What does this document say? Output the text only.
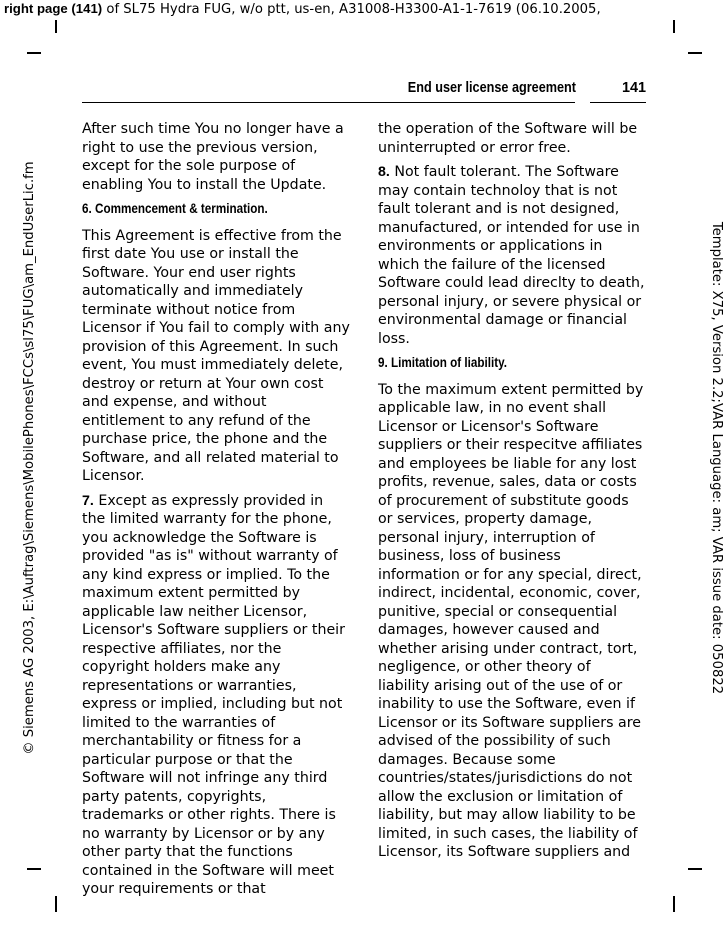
right page (141) of SL75 Hydra FUG, w/o ptt, us-en, A31008-H3300-A1-1-7619 (06.10.2005,
© Siemens AG 2003, E:\Auftrag\Siemens\MobilePhones\FCCs\sl75\FUG\am_EndUserLic.fm	Template: X75, Version 2.2;VAR Language: am; VAR issue date: 050822
End user license agreement	141

After such time You no longer have a right to use the previous version, except for the sole purpose of enabling You to install the Update.

6. Commencement & termination.

This Agreement is effective from the first date You use or install the Software. Your end user rights automatically and immediately terminate without notice from Licensor if You fail to comply with any provision of this Agreement. In such event, You must immediately delete, destroy or return at Your own cost and expense, and without entitlement to any refund of the purchase price, the phone and the Software, and all related material to Licensor.

7. Except as expressly provided in the limited warranty for the phone, you acknowledge the Software is provided "as is" without warranty of any kind express or implied. To the maximum extent permitted by applicable law neither Licensor, Licensor's Software suppliers or their respective affiliates, nor the copyright holders make any representations or warranties, express or implied, including but not limited to the warranties of merchantability or fitness for a particular purpose or that the Software will not infringe any third party patents, copyrights, trademarks or other rights. There is no warranty by Licensor or by any other party that the functions contained in the Software will meet your requirements or that

the operation of the Software will be uninterrupted or error free.

8. Not fault tolerant. The Software may contain technoloy that is not fault tolerant and is not designed, manufactured, or intended for use in environments or applications in which the failure of the licensed Software could lead direclty to death, personal injury, or severe physical or environmental damage or financial loss.

9. Limitation of liability.

To the maximum extent permitted by applicable law, in no event shall Licensor or Licensor's Software suppliers or their respecitve affiliates and employees be liable for any lost profits, revenue, sales, data or costs of procurement of substitute goods or services, property damage, personal injury, interruption of business, loss of business information or for any special, direct, indirect, incidental, economic, cover, punitive, special or consequential damages, however caused and whether arising under contract, tort, negligence, or other theory of liability arising out of the use of or inability to use the Software, even if Licensor or its Software suppliers are advised of the possibility of such damages. Because some countries/states/jurisdictions do not allow the exclusion or limitation of liability, but may allow liability to be limited, in such cases, the liability of Licensor, its Software suppliers and
